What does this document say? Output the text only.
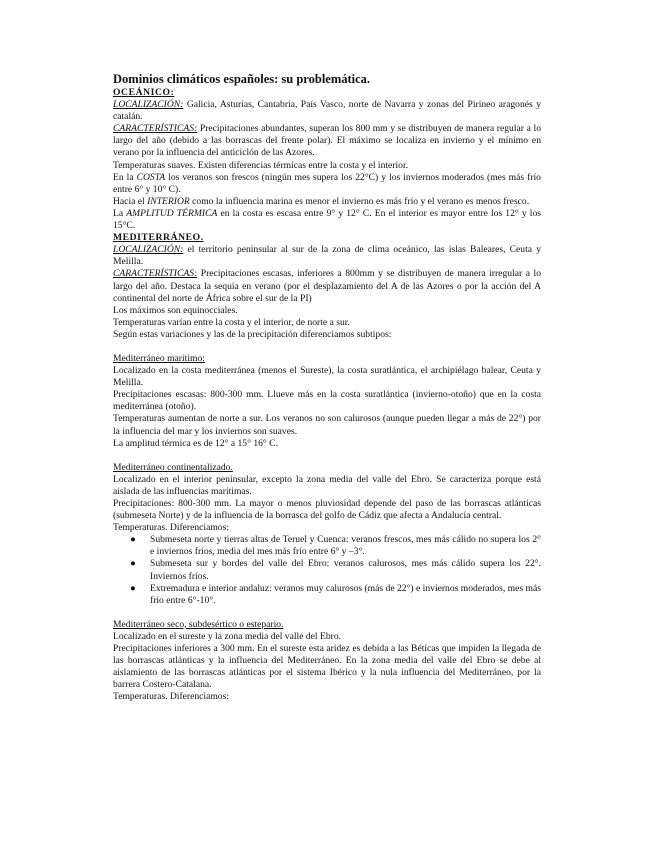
Dominios climáticos españoles: su problemática.

OCEÁNICO:

LOCALIZACIÓN: Galicia, Asturias, Cantabria, País Vasco, norte de Navarra y zonas del Pirineo aragonés y catalán.

CARACTERÍSTICAS: Precipitaciones abundantes, superan los 800 mm y se distribuyen de manera regular a lo largo del año (debido a las borrascas del frente polar). El máximo se localiza en invierno y el mínimo en verano por la influencia del anticiclón de las Azores.

Temperaturas suaves. Existen diferencias térmicas entre la costa y el interior.

En la COSTA los veranos son frescos (ningún mes supera los 22°C) y los inviernos moderados (mes más frío entre 6° y 10° C).

Hacia el INTERIOR como la influencia marina es menor el invierno es más frío y el verano es menos fresco.

La AMPLITUD TÉRMICA en la costa es escasa entre 9° y 12° C. En el interior es mayor entre los 12° y los 15°C.

MEDITERRÁNEO.

LOCALIZACIÓN: el territorio peninsular al sur de la zona de clima oceánico, las islas Baleares, Ceuta y Melilla.

CARACTERÍSTICAS: Precipitaciones escasas, inferiores a 800mm y se distribuyen de manera irregular a lo largo del año. Destaca la sequía en verano (por el desplazamiento del A de las Azores o por la acción del A continental del norte de África sobre el sur de la PI)

Los máximos son equinocciales.

Temperaturas varían entre la costa y el interior, de norte a sur.

Según estas variaciones y las de la precipitación diferenciamos subtipos:

Mediterráneo marítimo:

Localizado en la costa mediterránea (menos el Sureste), la costa suratlántica, el archipiélago balear, Ceuta y Melilla.

Precipitaciones escasas: 800-300 mm. Llueve más en la costa suratlántica (invierno-otoño) que en la costa mediterránea (otoño).

Temperaturas aumentan de norte a sur. Los veranos no son calurosos (aunque pueden llegar a más de 22°) por la influencia del mar y los inviernos son suaves.

La amplitud térmica es de 12° a 15° 16° C.

Mediterráneo continentalizado.

Localizado en el interior peninsular, excepto la zona media del valle del Ebro. Se caracteriza porque está aislada de las influencias marítimas.

Precipitaciones: 800-300 mm. La mayor o menos pluviosidad depende del paso de las borrascas atlánticas (submeseta Norte) y de la influencia de la borrasca del golfo de Cádiz que afecta a Andalucía central.

Temperaturas. Diferenciamos:

● Submeseta norte y tierras altas de Teruel y Cuenca: veranos frescos, mes más cálido no supera los 2° e inviernos fríos, media del mes más frío entre 6° y –3°.
● Submeseta sur y bordes del valle del Ebro: veranos calurosos, mes más cálido supera los 22°. Inviernos fríos.
● Extremadura e interior andaluz: veranos muy calurosos (más de 22°) e inviernos moderados, mes más frío entre 6°-10°.

Mediterráneo seco, subdesértico o estepario.

Localizado en el sureste y la zona media del valle del Ebro.

Precipitaciones inferiores a 300 mm. En el sureste esta aridez es debida a las Béticas que impiden la llegada de las borrascas atlánticas y la influencia del Mediterráneo. En la zona media del valle del Ebro se debe al aislamiento de las borrascas atlánticas por el sistema Ibérico y la nula influencia del Mediterráneo, por la barrera Costero-Catalana.

Temperaturas. Diferenciamos:
